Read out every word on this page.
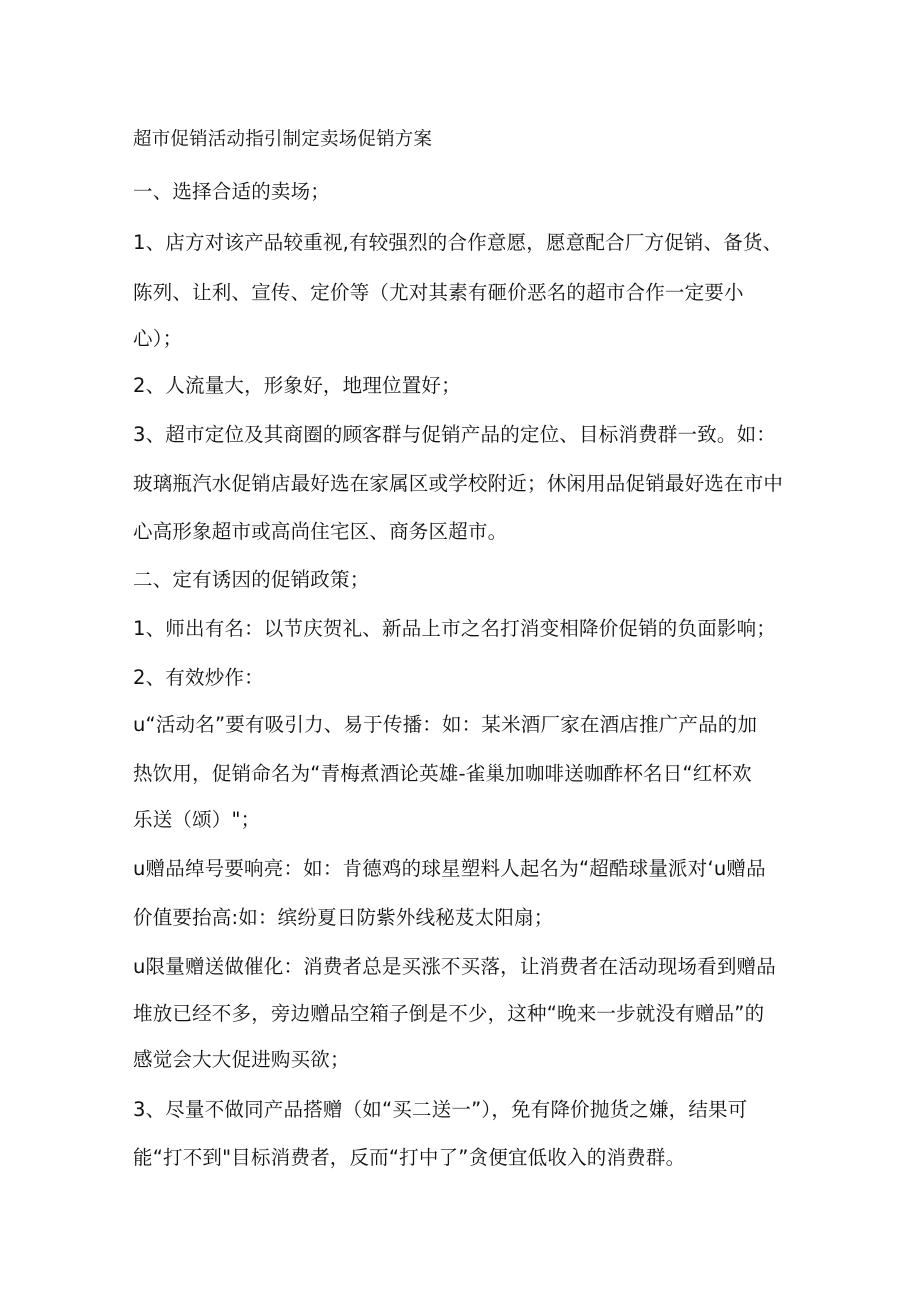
超市促销活动指引制定卖场促销方案
一、选择合适的卖场；
1、店方对该产品较重视,有较强烈的合作意愿，愿意配合厂方促销、备货、
陈列、让利、宣传、定价等（尤对其素有砸价恶名的超市合作一定要小
心）；
2、人流量大，形象好，地理位置好；
3、超市定位及其商圈的顾客群与促销产品的定位、目标消费群一致。如：
玻璃瓶汽水促销店最好选在家属区或学校附近；休闲用品促销最好选在市中
心高形象超市或高尚住宅区、商务区超市。
二、定有诱因的促销政策；
1、师出有名：以节庆贺礼、新品上市之名打消变相降价促销的负面影响；
2、有效炒作：
u“活动名”要有吸引力、易于传播：如：某米酒厂家在酒店推广产品的加
热饮用，促销命名为“青梅煮酒论英雄-雀巢加咖啡送咖酢杯名日“红杯欢
乐送（颂）"；
u赠品绰号要响亮：如：肯德鸡的球星塑料人起名为“超酷球量派对‘u赠品
价值要抬高:如：缤纷夏日防紫外线秘芨太阳扇；
u限量赠送做催化：消费者总是买涨不买落，让消费者在活动现场看到赠品
堆放已经不多，旁边赠品空箱子倒是不少，这种“晚来一步就没有赠品”的
感觉会大大促进购买欲；
3、尽量不做同产品搭赠（如“买二送一”），免有降价抛货之嫌，结果可
能“打不到"目标消费者，反而“打中了”贪便宜低收入的消费群。
